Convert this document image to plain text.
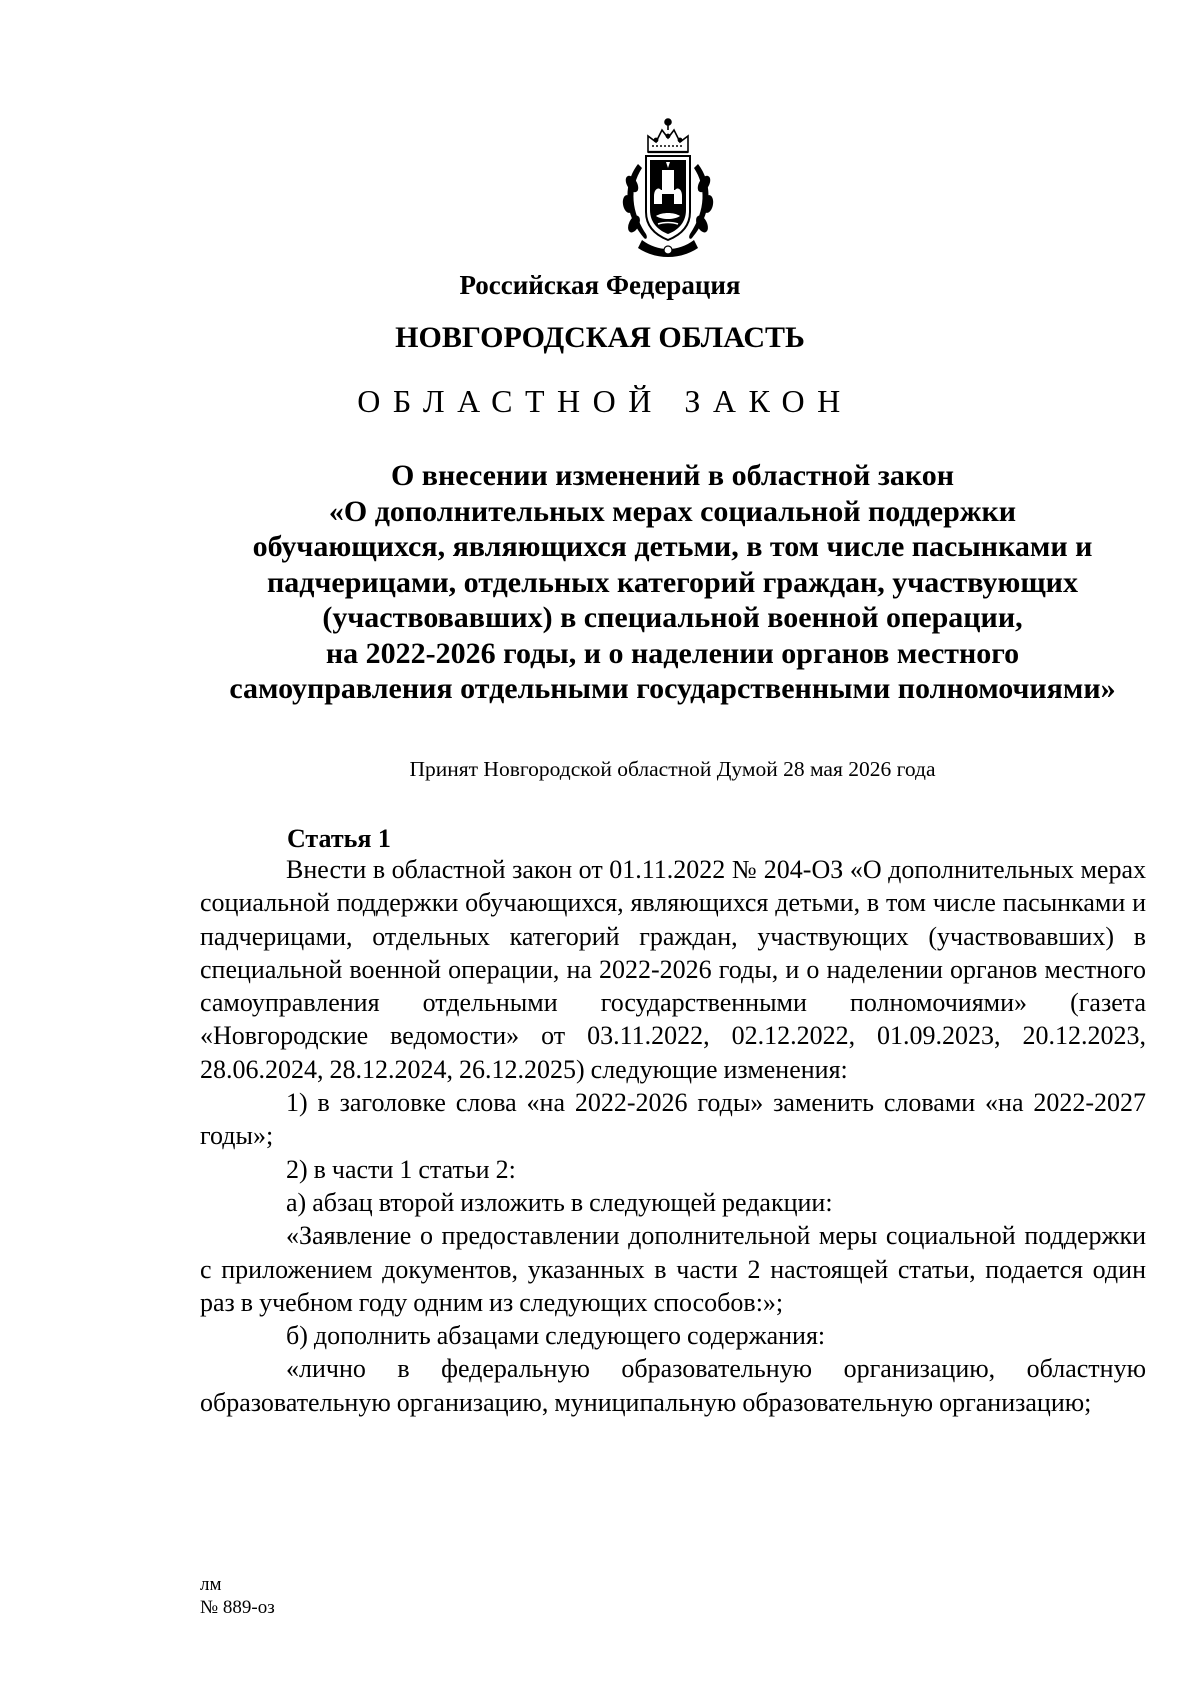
Российская Федерация
НОВГОРОДСКАЯ ОБЛАСТЬ
ОБЛАСТНОЙ ЗАКОН
О внесении изменений в областной закон
«О дополнительных мерах социальной поддержки
обучающихся, являющихся детьми, в том числе пасынками и
падчерицами, отдельных категорий граждан, участвующих
(участвовавших) в специальной военной операции,
на 2022-2026 годы, и о наделении органов местного
самоуправления отдельными государственными полномочиями»
Принят Новгородской областной Думой 28 мая 2026 года
Статья 1

Внести в областной закон от 01.11.2022 № 204-ОЗ «О дополнительных мерах социальной поддержки обучающихся, являющихся детьми, в том числе пасынками и падчерицами, отдельных категорий граждан, участвующих (участвовавших) в специальной военной операции, на 2022-2026 годы, и о наделении органов местного самоуправления отдельными государственными полномочиями» (газета «Новгородские ведомости» от 03.11.2022, 02.12.2022, 01.09.2023, 20.12.2023, 28.06.2024, 28.12.2024, 26.12.2025) следующие изменения:

1) в заголовке слова «на 2022-2026 годы» заменить словами «на 2022-2027 годы»;

2) в части 1 статьи 2:

а) абзац второй изложить в следующей редакции:

«Заявление о предоставлении дополнительной меры социальной поддержки с приложением документов, указанных в части 2 настоящей статьи, подается один раз в учебном году одним из следующих способов:»;

б) дополнить абзацами следующего содержания:

«лично в федеральную образовательную организацию, областную образовательную организацию, муниципальную образовательную организацию;

лм
№ 889-оз
